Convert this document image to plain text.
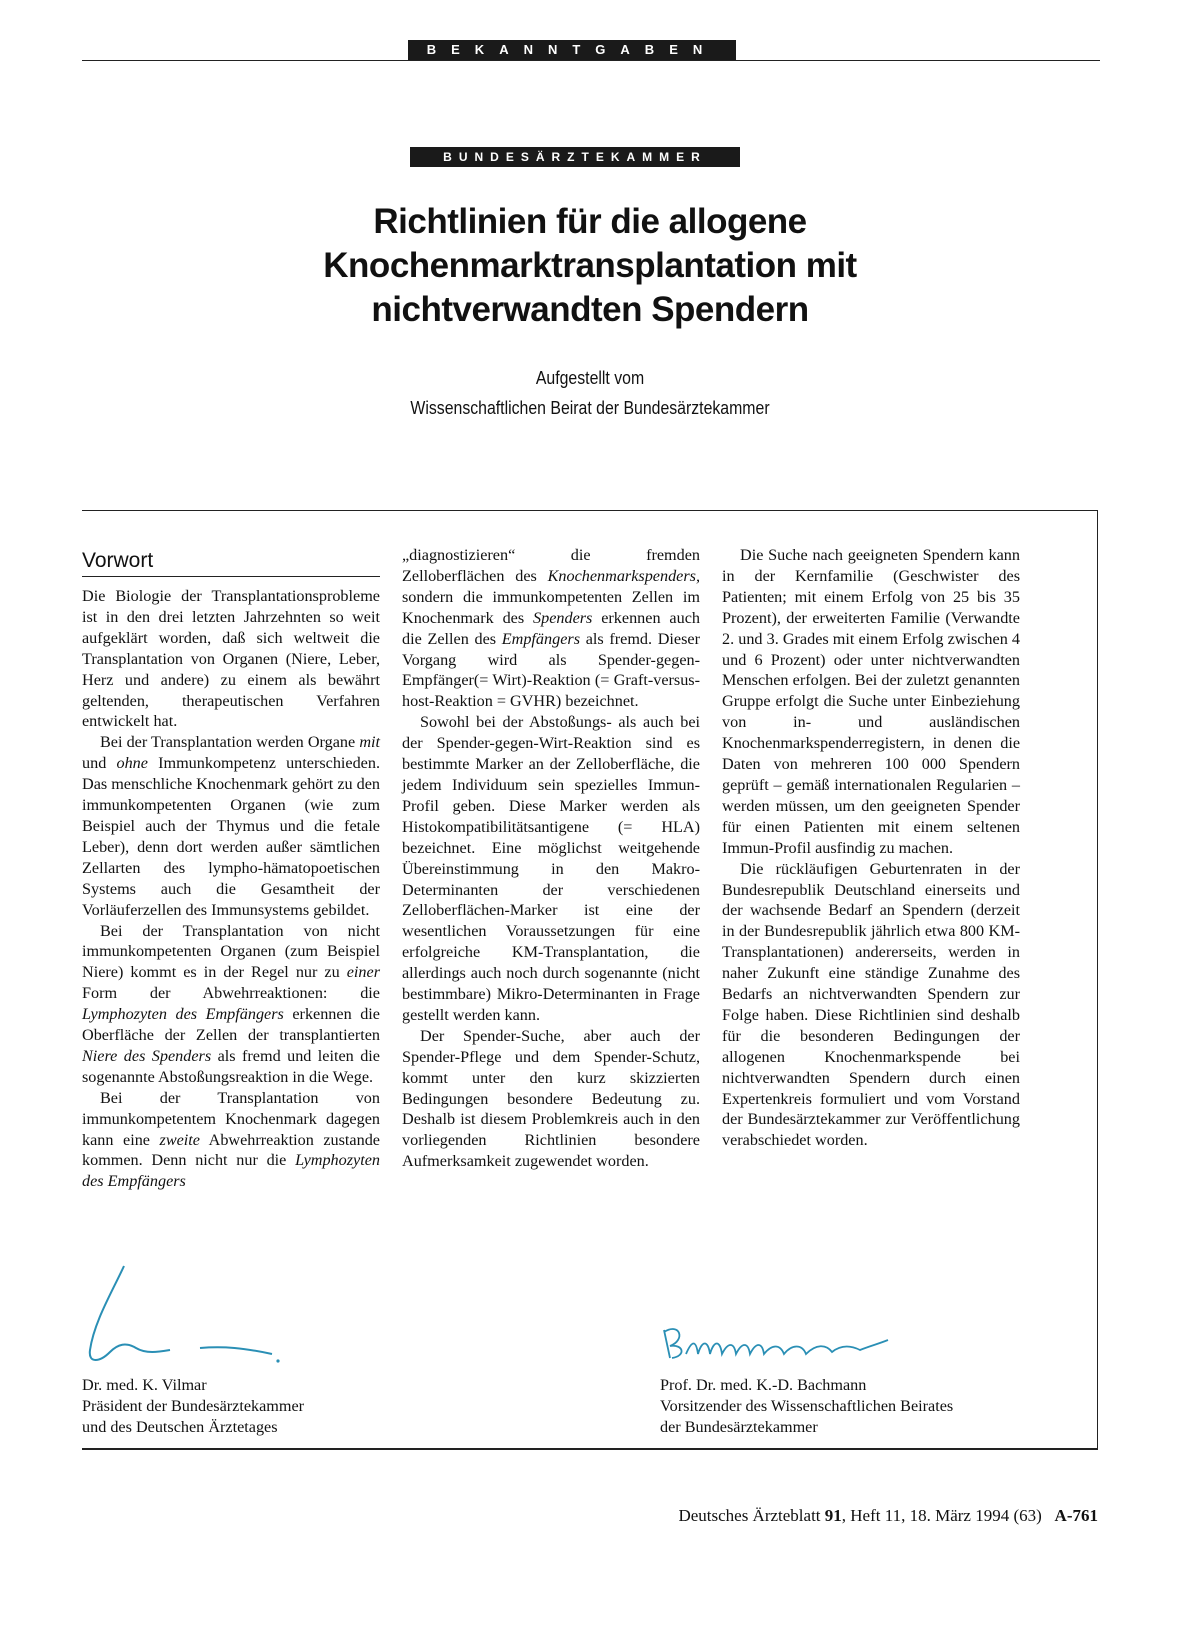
BEKANNTGABEN
BUNDESÄRZTEKAMMER
Richtlinien für die allogene
Knochenmarktransplantation mit
nichtverwandten Spendern
Aufgestellt vom
Wissenschaftlichen Beirat der Bundesärztekammer
Vorwort

Die Biologie der Transplantationsprobleme ist in den drei letzten Jahrzehnten so weit aufgeklärt worden, daß sich weltweit die Transplantation von Organen (Niere, Leber, Herz und andere) zu einem als bewährt geltenden, therapeutischen Verfahren entwickelt hat.

Bei der Transplantation werden Organe mit und ohne Immunkompetenz unterschieden. Das menschliche Knochenmark gehört zu den immunkompetenten Organen (wie zum Beispiel auch der Thymus und die fetale Leber), denn dort werden außer sämtlichen Zellarten des lympho-hämatopoetischen Systems auch die Gesamtheit der Vorläuferzellen des Immunsystems gebildet.

Bei der Transplantation von nicht immunkompetenten Organen (zum Beispiel Niere) kommt es in der Regel nur zu einer Form der Abwehrreaktionen: die Lymphozyten des Empfängers erkennen die Oberfläche der Zellen der transplantierten Niere des Spenders als fremd und leiten die sogenannte Abstoßungsreaktion in die Wege.

Bei der Transplantation von immunkompetentem Knochenmark dagegen kann eine zweite Abwehrreaktion zustande kommen. Denn nicht nur die Lymphozyten des Empfängers

„diagnostizieren“ die fremden Zelloberflächen des Knochenmarkspenders, sondern die immunkompetenten Zellen im Knochenmark des Spenders erkennen auch die Zellen des Empfängers als fremd. Dieser Vorgang wird als Spender-gegen-Empfänger(= Wirt)-Reaktion (= Graft-versus-host-Reaktion = GVHR) bezeichnet.

Sowohl bei der Abstoßungs- als auch bei der Spender-gegen-Wirt-Reaktion sind es bestimmte Marker an der Zelloberfläche, die jedem Individuum sein spezielles Immun-Profil geben. Diese Marker werden als Histokompatibilitätsantigene (= HLA) bezeichnet. Eine möglichst weitgehende Übereinstimmung in den Makro-Determinanten der verschiedenen Zelloberflächen-Marker ist eine der wesentlichen Voraussetzungen für eine erfolgreiche KM-Transplantation, die allerdings auch noch durch sogenannte (nicht bestimmbare) Mikro-Determinanten in Frage gestellt werden kann.

Der Spender-Suche, aber auch der Spender-Pflege und dem Spender-Schutz, kommt unter den kurz skizzierten Bedingungen besondere Bedeutung zu. Deshalb ist diesem Problemkreis auch in den vorliegenden Richtlinien besondere Aufmerksamkeit zugewendet worden.

Die Suche nach geeigneten Spendern kann in der Kernfamilie (Geschwister des Patienten; mit einem Erfolg von 25 bis 35 Prozent), der erweiterten Familie (Verwandte 2. und 3. Grades mit einem Erfolg zwischen 4 und 6 Prozent) oder unter nichtverwandten Menschen erfolgen. Bei der zuletzt genannten Gruppe erfolgt die Suche unter Einbeziehung von in- und ausländischen Knochenmarkspenderregistern, in denen die Daten von mehreren 100 000 Spendern geprüft – gemäß internationalen Regularien – werden müssen, um den geeigneten Spender für einen Patienten mit einem seltenen Immun-Profil ausfindig zu machen.

Die rückläufigen Geburtenraten in der Bundesrepublik Deutschland einerseits und der wachsende Bedarf an Spendern (derzeit in der Bundesrepublik jährlich etwa 800 KM-Transplantationen) andererseits, werden in naher Zukunft eine ständige Zunahme des Bedarfs an nichtverwandten Spendern zur Folge haben. Diese Richtlinien sind deshalb für die besonderen Bedingungen der allogenen Knochenmarkspende bei nichtverwandten Spendern durch einen Expertenkreis formuliert und vom Vorstand der Bundesärztekammer zur Veröffentlichung verabschiedet worden.

Dr. med. K. Vilmar
Präsident der Bundesärztekammer
und des Deutschen Ärztetages
Prof. Dr. med. K.-D. Bachmann
Vorsitzender des Wissenschaftlichen Beirates
der Bundesärztekammer
Deutsches Ärzteblatt 91, Heft 11, 18. März 1994 (63) A-761
